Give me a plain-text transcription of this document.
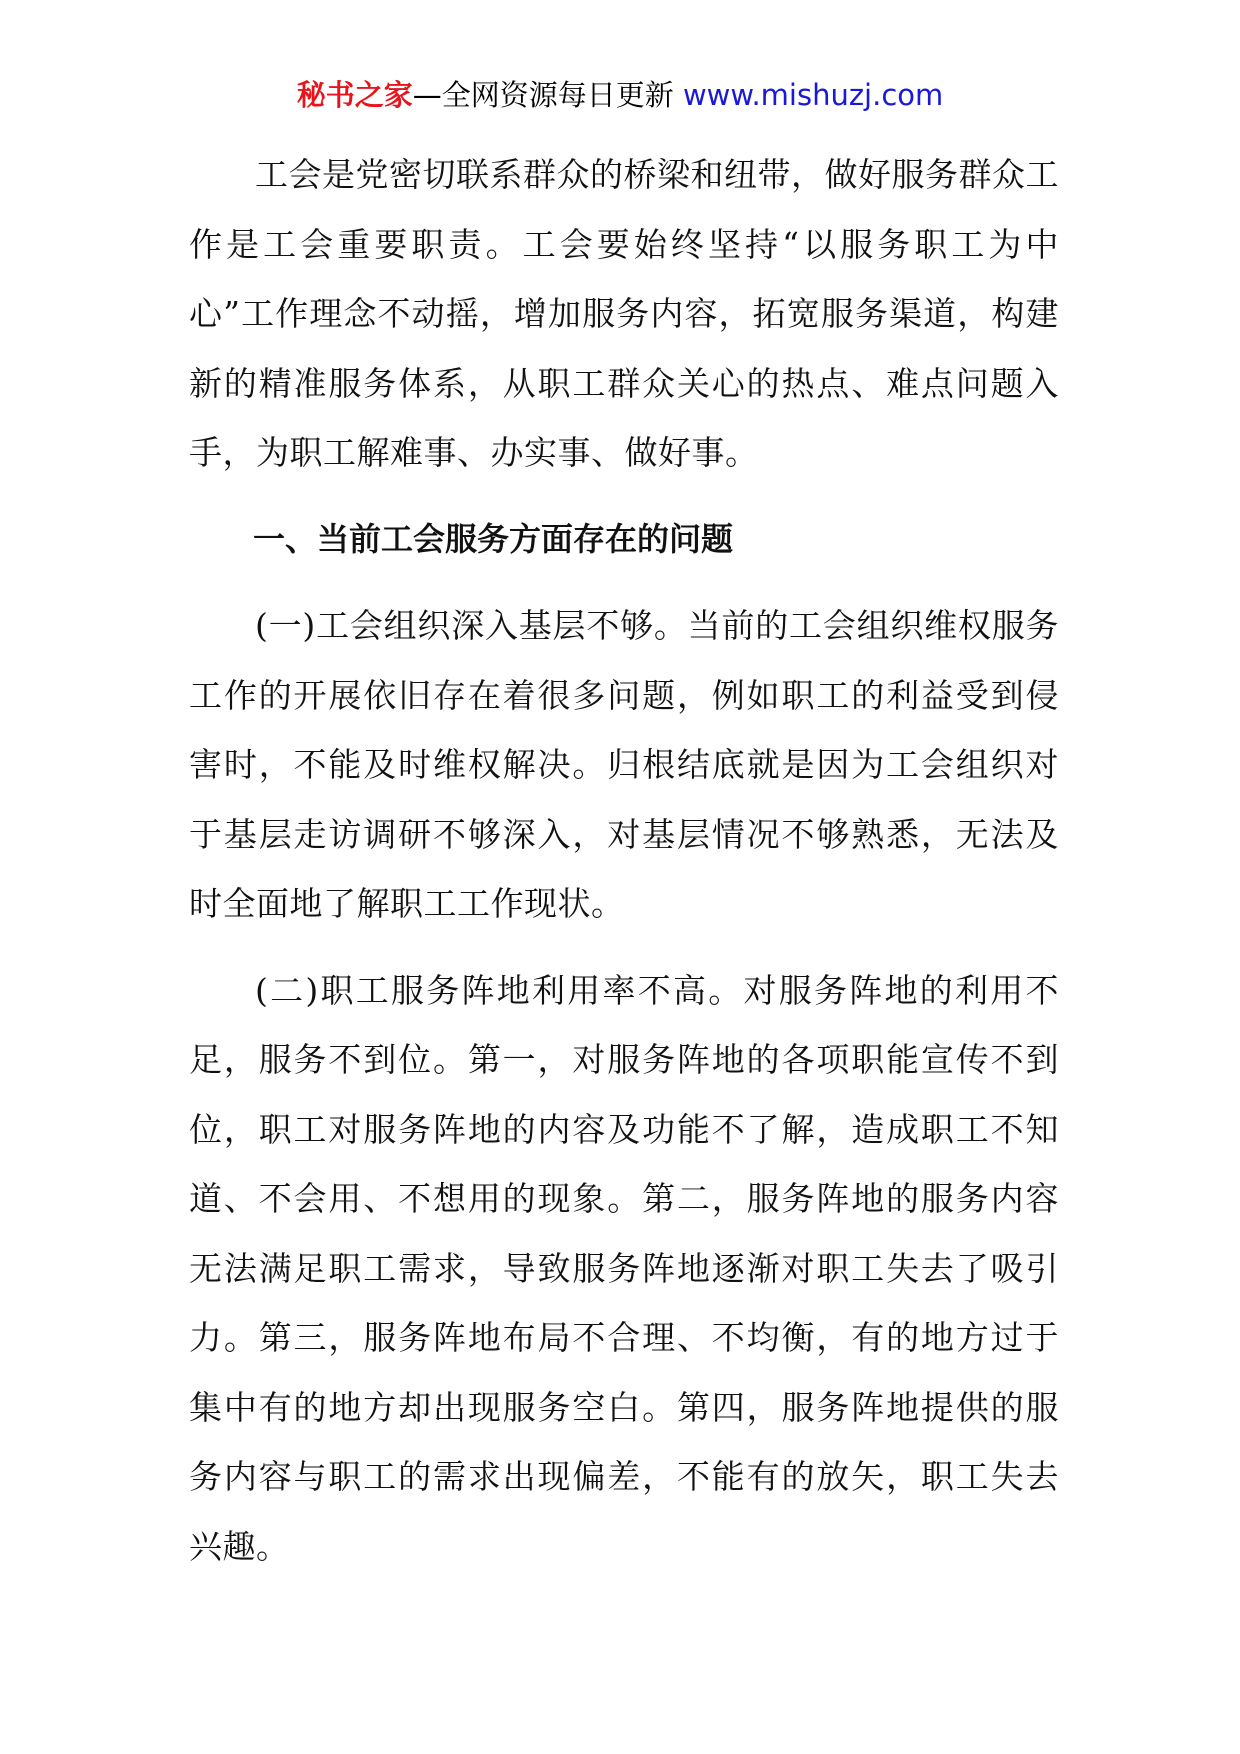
秘书之家—全网资源每日更新 www.mishuzj.com

工会是党密切联系群众的桥梁和纽带，做好服务群众工作是工会重要职责。工会要始终坚持“以服务职工为中心”工作理念不动摇，增加服务内容，拓宽服务渠道，构建新的精准服务体系，从职工群众关心的热点、难点问题入手，为职工解难事、办实事、做好事。

一、当前工会服务方面存在的问题

(一)工会组织深入基层不够。当前的工会组织维权服务工作的开展依旧存在着很多问题，例如职工的利益受到侵害时，不能及时维权解决。归根结底就是因为工会组织对于基层走访调研不够深入，对基层情况不够熟悉，无法及时全面地了解职工工作现状。

(二)职工服务阵地利用率不高。对服务阵地的利用不足，服务不到位。第一，对服务阵地的各项职能宣传不到位，职工对服务阵地的内容及功能不了解，造成职工不知道、不会用、不想用的现象。第二，服务阵地的服务内容无法满足职工需求，导致服务阵地逐渐对职工失去了吸引力。第三，服务阵地布局不合理、不均衡，有的地方过于集中有的地方却出现服务空白。第四，服务阵地提供的服务内容与职工的需求出现偏差，不能有的放矢，职工失去兴趣。
